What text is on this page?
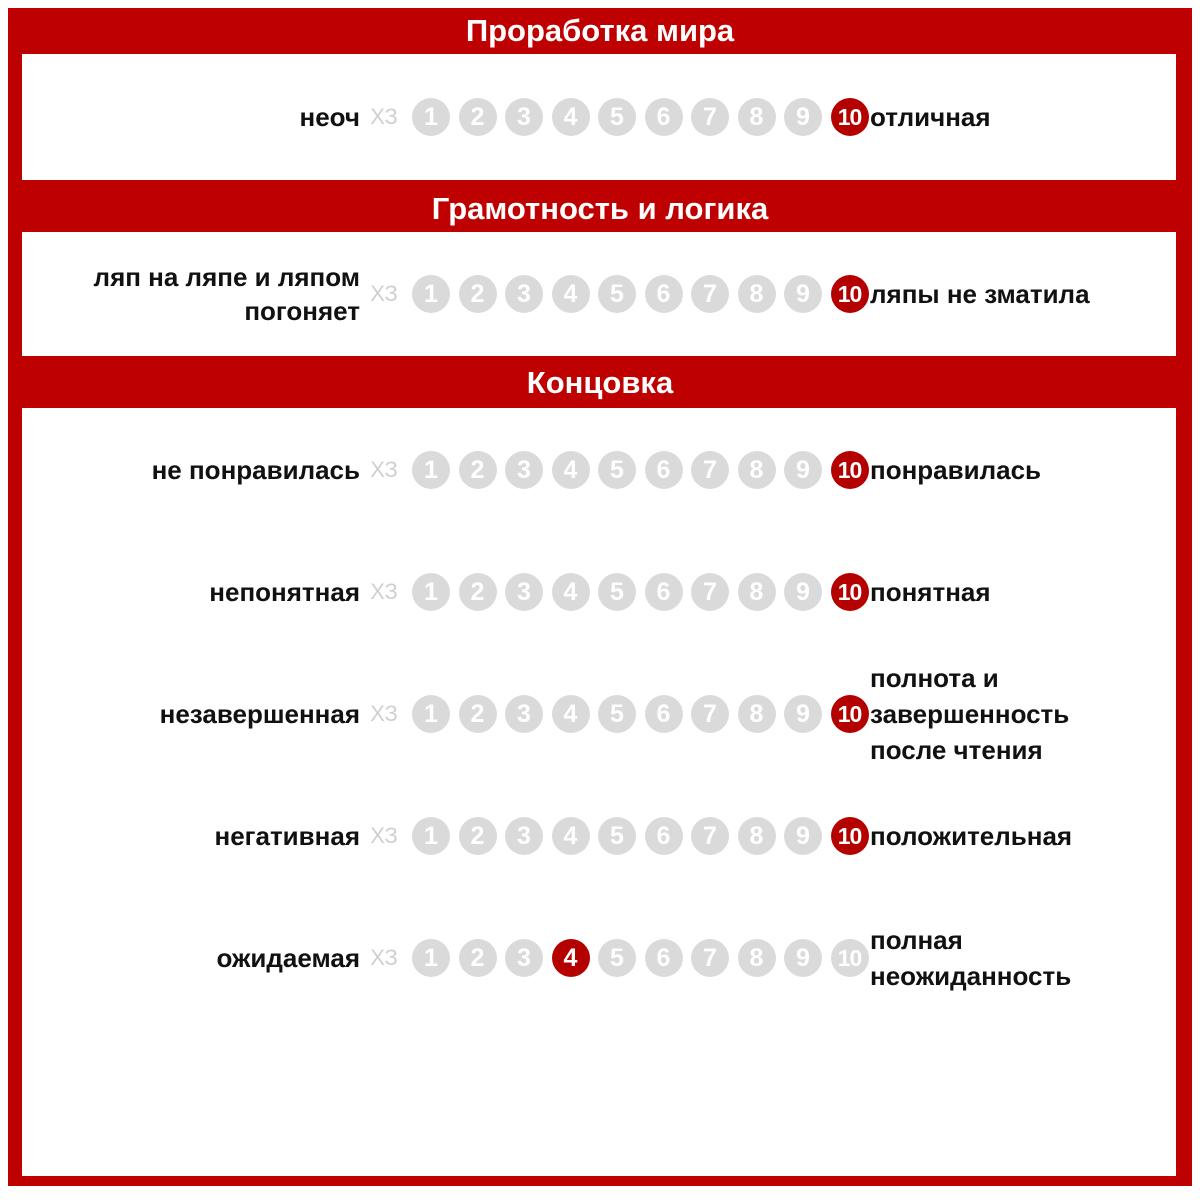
Проработка мира
неоч ХЗ	1	2	3	4	5	6	7	8	9	10 отличная
Грамотность и логика
ляп на ляпе и ляпом
погоняет
ХЗ	1	2	3	4	5	6	7	8	9	10 ляпы не зматила
Концовка
не понравилась ХЗ	1	2	3	4	5	6	7	8	9	10 понравилась
непонятная ХЗ	1	2	3	4	5	6	7	8	9	10 понятная
незавершенная ХЗ	1	2	3	4	5	6	7	8	9	10
полнота и
завершенность
после чтения
негативная ХЗ	1	2	3	4	5	6	7	8	9	10 положительная
ожидаемая ХЗ	1	2	3	4	5	6	7	8	9	10
полная
неожиданность
